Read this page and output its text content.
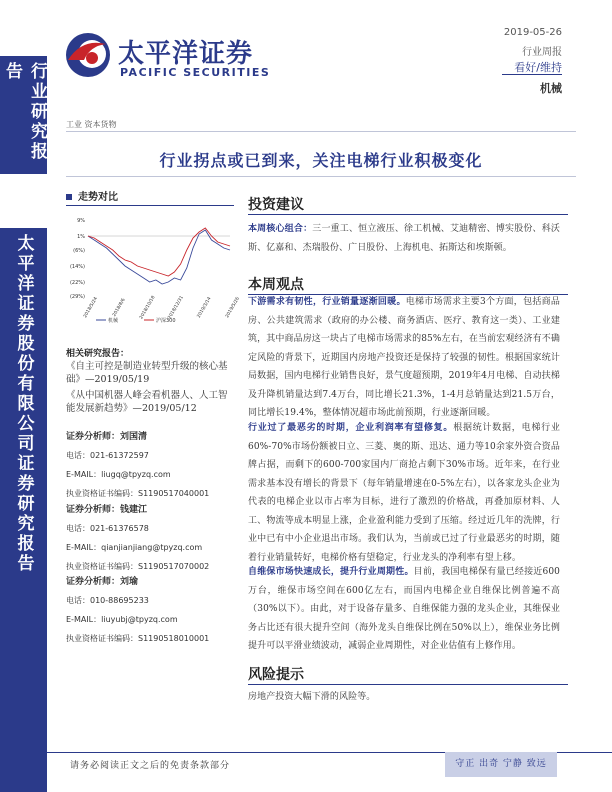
行业研究报告
太平洋证券股份有限公司证券研究报告
太平洋证券
PACIFIC SECURITIES
2019-05-26
行业周报
看好/维持
机械
工业 资本货物
行业拐点或已到来，关注电梯行业积极变化
走势对比
9%
1%
(6%)
(14%)
(22%)
(29%)
2018/5/24	2018/8/6	2018/10/18 2018/12/31	2019/3/14	2019/5/26
机械	沪深300
相关研究报告：
《自主可控是制造业转型升级的核心基础》—2019/05/19
《从中国机器人峰会看机器人、人工智能发展新趋势》—2019/05/12
证券分析师：刘国清
电话：021-61372597
E-MAIL：liugq@tpyzq.com
执业资格证书编码：S1190517040001
证券分析师：钱建江
电话：021-61376578
E-MAIL：qianjianjiang@tpyzq.com
执业资格证书编码：S1190517070002
证券分析师：刘瑜
电话：010-88695233
E-MAIL：liuyubj@tpyzq.com
执业资格证书编码：S1190518010001
投资建议
本周核心组合：三一重工、恒立液压、徐工机械、艾迪精密、博实股份、科沃斯、亿嘉和、杰瑞股份、广日股份、上海机电、拓斯达和埃斯顿。
本周观点
下游需求有韧性，行业销量逐渐回暖。电梯市场需求主要3个方面，包括商品房、公共建筑需求（政府的办公楼、商务酒店、医疗、教育这一类）、工业建筑，其中商品房这一块占了电梯市场需求的85%左右，在当前宏观经济有不确定风险的背景下，近期国内房地产投资还是保持了较强的韧性。根据国家统计局数据，国内电梯行业销售良好，景气度超预期，2019年4月电梯、自动扶梯及升降机销量达到7.4万台，同比增长21.3%，1-4月总销量达到21.5万台，同比增长19.4%，整体情况超市场此前预期，行业逐渐回暖。
行业过了最恶劣的时期，企业利润率有望修复。根据统计数据，电梯行业60%-70%市场份额被日立、三菱、奥的斯、迅达、通力等10余家外资合资品牌占据，而剩下的600-700家国内厂商抢占剩下30%市场。近年来，在行业需求基本没有增长的背景下（每年销量增速在0-5%左右），以各家龙头企业为代表的电梯企业以市占率为目标，进行了激烈的价格战，再叠加原材料、人工、物流等成本明显上涨，企业盈利能力受到了压缩。经过近几年的洗牌，行业中已有中小企业退出市场。我们认为，当前或已过了行业最恶劣的时期，随着行业销量转好，电梯价格有望稳定，行业龙头的净利率有望上移。
自维保市场快速成长，提升行业周期性。目前，我国电梯保有量已经接近600万台，维保市场空间在600亿左右，而国内电梯企业自维保比例普遍不高（30%以下）。由此，对于设备存量多、自维保能力强的龙头企业，其维保业务占比还有很大提升空间（海外龙头自维保比例在50%以上），维保业务比例提升可以平滑业绩波动，减弱企业周期性，对企业估值有上修作用。
风险提示
房地产投资大幅下滑的风险等。
请务必阅读正文之后的免责条款部分	守正 出奇 宁静 致远
